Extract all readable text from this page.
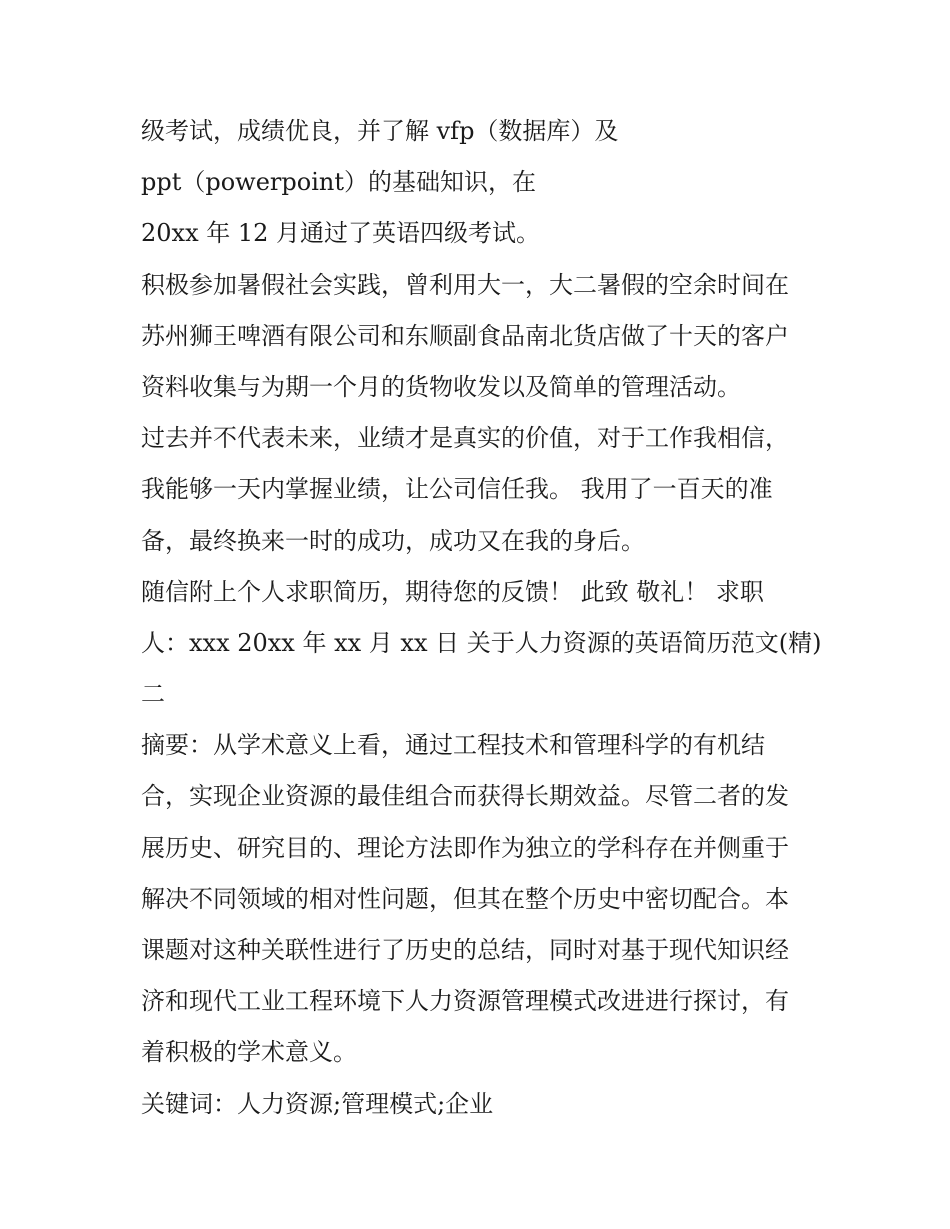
级考试，成绩优良，并了解 vfp（数据库）及
ppt（powerpoint）的基础知识，在
20xx 年 12 月通过了英语四级考试。
积极参加暑假社会实践，曾利用大一，大二暑假的空余时间在
苏州狮王啤酒有限公司和东顺副食品南北货店做了十天的客户
资料收集与为期一个月的货物收发以及简单的管理活动。
过去并不代表未来，业绩才是真实的价值，对于工作我相信，
我能够一天内掌握业绩，让公司信任我。 我用了一百天的准
备，最终换来一时的成功，成功又在我的身后。
随信附上个人求职简历，期待您的反馈！ 此致 敬礼！ 求职
人：xxx 20xx 年 xx 月 xx 日 关于人力资源的英语简历范文(精)
二
摘要：从学术意义上看，通过工程技术和管理科学的有机结
合，实现企业资源的最佳组合而获得长期效益。尽管二者的发
展历史、研究目的、理论方法即作为独立的学科存在并侧重于
解决不同领域的相对性问题，但其在整个历史中密切配合。本
课题对这种关联性进行了历史的总结，同时对基于现代知识经
济和现代工业工程环境下人力资源管理模式改进进行探讨，有
着积极的学术意义。
关键词：人力资源;管理模式;企业
